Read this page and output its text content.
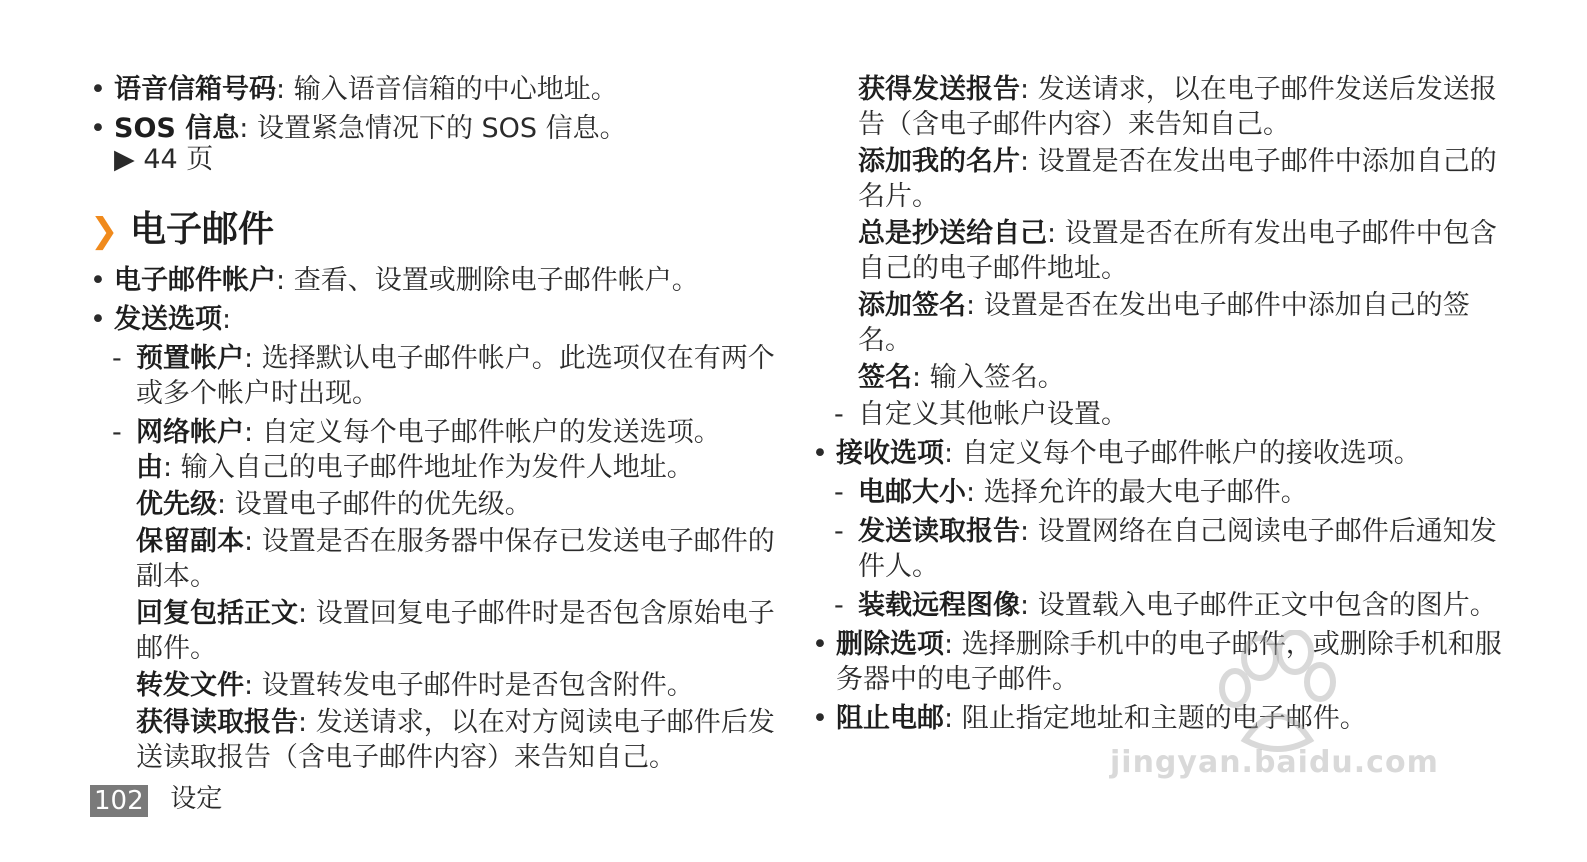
• 语音信箱号码: 输入语音信箱的中心地址。
• SOS 信息: 设置紧急情况下的 SOS 信息。
▶ 44 页
❯ 电子邮件
• 电子邮件帐户: 查看、设置或删除电子邮件帐户。
• 发送选项:
- 预置帐户: 选择默认电子邮件帐户。此选项仅在有两个或多个帐户时出现。
- 网络帐户: 自定义每个电子邮件帐户的发送选项。
由: 输入自己的电子邮件地址作为发件人地址。
优先级: 设置电子邮件的优先级。
保留副本: 设置是否在服务器中保存已发送电子邮件的副本。
回复包括正文: 设置回复电子邮件时是否包含原始电子邮件。
转发文件: 设置转发电子邮件时是否包含附件。
获得读取报告: 发送请求，以在对方阅读电子邮件后发送读取报告（含电子邮件内容）来告知自己。
获得发送报告: 发送请求，以在电子邮件发送后发送报告（含电子邮件内容）来告知自己。
添加我的名片: 设置是否在发出电子邮件中添加自己的名片。
总是抄送给自己: 设置是否在所有发出电子邮件中包含自己的电子邮件地址。
添加签名: 设置是否在发出电子邮件中添加自己的签名。
签名: 输入签名。
- 自定义其他帐户设置。
• 接收选项: 自定义每个电子邮件帐户的接收选项。
- 电邮大小: 选择允许的最大电子邮件。
- 发送读取报告: 设置网络在自己阅读电子邮件后通知发件人。
- 装载远程图像: 设置载入电子邮件正文中包含的图片。
• 删除选项: 选择删除手机中的电子邮件，或删除手机和服务器中的电子邮件。
• 阻止电邮: 阻止指定地址和主题的电子邮件。
102 设定
jingyan.baidu.com
